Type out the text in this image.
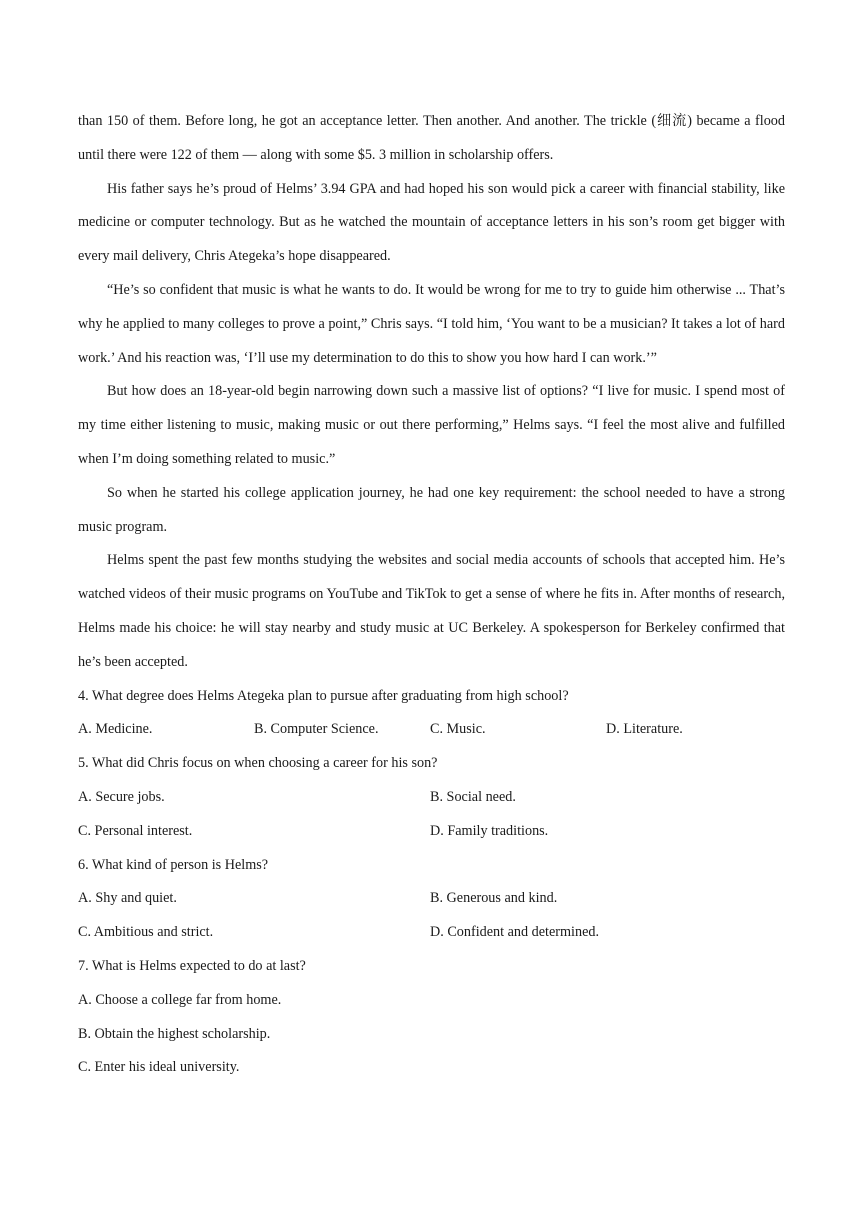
than 150 of them. Before long, he got an acceptance letter. Then another. And another. The trickle (细流) became a flood until there were 122 of them — along with some $5. 3 million in scholarship offers.

His father says he’s proud of Helms’ 3.94 GPA and had hoped his son would pick a career with financial stability, like medicine or computer technology. But as he watched the mountain of acceptance letters in his son’s room get bigger with every mail delivery, Chris Ategeka’s hope disappeared.

“He’s so confident that music is what he wants to do. It would be wrong for me to try to guide him otherwise ... That’s why he applied to many colleges to prove a point,” Chris says. “I told him, ‘You want to be a musician? It takes a lot of hard work.’ And his reaction was, ‘I’ll use my determination to do this to show you how hard I can work.’”

But how does an 18-year-old begin narrowing down such a massive list of options? “I live for music. I spend most of my time either listening to music, making music or out there performing,” Helms says. “I feel the most alive and fulfilled when I’m doing something related to music.”

So when he started his college application journey, he had one key requirement: the school needed to have a strong music program.

Helms spent the past few months studying the websites and social media accounts of schools that accepted him. He’s watched videos of their music programs on YouTube and TikTok to get a sense of where he fits in. After months of research, Helms made his choice: he will stay nearby and study music at UC Berkeley. A spokesperson for Berkeley confirmed that he’s been accepted.

4. What degree does Helms Ategeka plan to pursue after graduating from high school?

A. Medicine.	B. Computer Science.	C. Music.	D. Literature.

5. What did Chris focus on when choosing a career for his son?

A. Secure jobs.	B. Social need.
C. Personal interest.	D. Family traditions.

6. What kind of person is Helms?

A. Shy and quiet.	B. Generous and kind.
C. Ambitious and strict.	D. Confident and determined.

7. What is Helms expected to do at last?

A. Choose a college far from home.

B. Obtain the highest scholarship.

C. Enter his ideal university.
